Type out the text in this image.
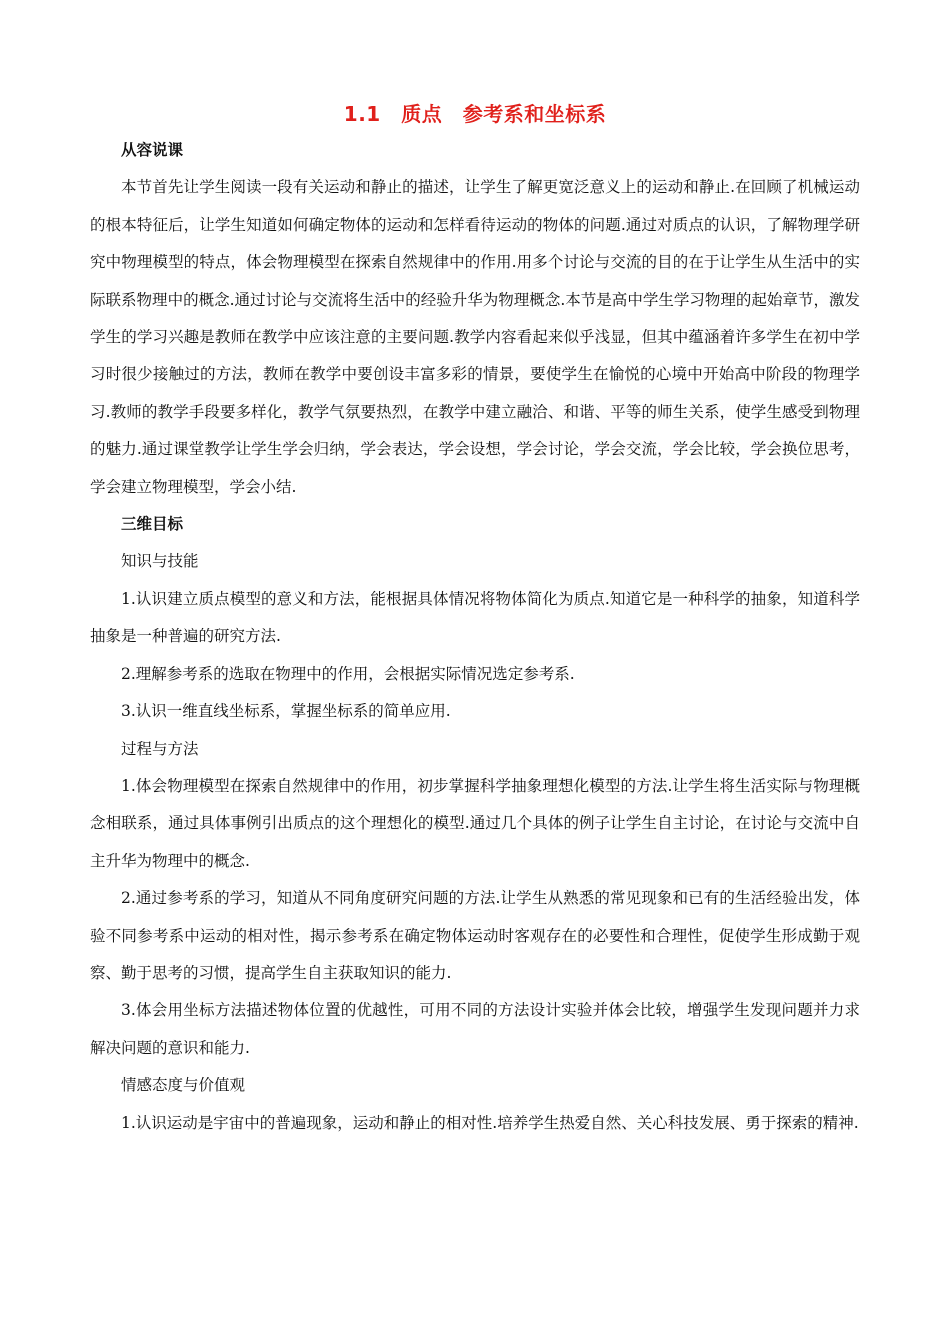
1.1　质点　参考系和坐标系

从容说课

本节首先让学生阅读一段有关运动和静止的描述，让学生了解更宽泛意义上的运动和静止.在回顾了机械运动的根本特征后，让学生知道如何确定物体的运动和怎样看待运动的物体的问题.通过对质点的认识，了解物理学研究中物理模型的特点，体会物理模型在探索自然规律中的作用.用多个讨论与交流的目的在于让学生从生活中的实际联系物理中的概念.通过讨论与交流将生活中的经验升华为物理概念.本节是高中学生学习物理的起始章节，激发学生的学习兴趣是教师在教学中应该注意的主要问题.教学内容看起来似乎浅显，但其中蕴涵着许多学生在初中学习时很少接触过的方法，教师在教学中要创设丰富多彩的情景，要使学生在愉悦的心境中开始高中阶段的物理学习.教师的教学手段要多样化，教学气氛要热烈，在教学中建立融洽、和谐、平等的师生关系，使学生感受到物理的魅力.通过课堂教学让学生学会归纳，学会表达，学会设想，学会讨论，学会交流，学会比较，学会换位思考，学会建立物理模型，学会小结.

三维目标

知识与技能

1.认识建立质点模型的意义和方法，能根据具体情况将物体简化为质点.知道它是一种科学的抽象，知道科学抽象是一种普遍的研究方法.

2.理解参考系的选取在物理中的作用，会根据实际情况选定参考系.

3.认识一维直线坐标系，掌握坐标系的简单应用.

过程与方法

1.体会物理模型在探索自然规律中的作用，初步掌握科学抽象理想化模型的方法.让学生将生活实际与物理概念相联系，通过具体事例引出质点的这个理想化的模型.通过几个具体的例子让学生自主讨论，在讨论与交流中自主升华为物理中的概念.

2.通过参考系的学习，知道从不同角度研究问题的方法.让学生从熟悉的常见现象和已有的生活经验出发，体验不同参考系中运动的相对性，揭示参考系在确定物体运动时客观存在的必要性和合理性，促使学生形成勤于观察、勤于思考的习惯，提高学生自主获取知识的能力.

3.体会用坐标方法描述物体位置的优越性，可用不同的方法设计实验并体会比较，增强学生发现问题并力求解决问题的意识和能力.

情感态度与价值观

1.认识运动是宇宙中的普遍现象，运动和静止的相对性.培养学生热爱自然、关心科技发展、勇于探索的精神.
